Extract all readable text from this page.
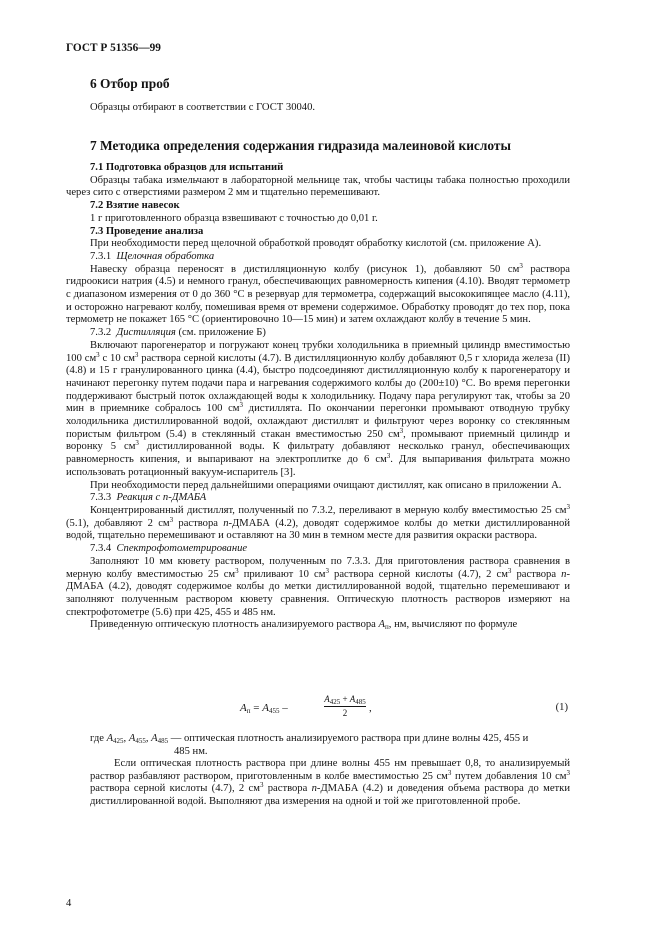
ГОСТ Р 51356—99
6 Отбор проб

Образцы отбирают в соответствии с ГОСТ 30040.

7 Методика определения содержания гидразида малеиновой кислоты
7.1 Подготовка образцов для испытаний

Образцы табака измельчают в лабораторной мельнице так, чтобы частицы табака полностью проходили через сито с отверстиями размером 2 мм и тщательно перемешивают.

7.2 Взятие навесок

1 г приготовленного образца взвешивают с точностью до 0,01 г.

7.3 Проведение анализа

При необходимости перед щелочной обработкой проводят обработку кислотой (см. приложение А).

7.3.1 Щелочная обработка

Навеску образца переносят в дистилляционную колбу (рисунок 1), добавляют 50 $см^3$ раствора гидроокиси натрия (4.5) и немного гранул, обеспечивающих равномерность кипения (4.10). Вводят термометр с диапазоном измерения от 0 до 360 °С в резервуар для термометра, содержащий высококипящее масло (4.11), и осторожно нагревают колбу, помешивая время от времени содержимое. Обработку проводят до тех пор, пока термометр не покажет 165 °С (ориентировочно 10—15 мин) и затем охлаждают колбу в течение 5 мин.

7.3.2 Дистилляция (см. приложение Б)

Включают парогенератор и погружают конец трубки холодильника в приемный цилиндр вместимостью 100 $см^3$ с 10 $см^3$ раствора серной кислоты (4.7). В дистилляционную колбу добавляют 0,5 г хлорида железа (II) (4.8) и 15 г гранулированного цинка (4.4), быстро подсоединяют дистилляционную колбу к парогенератору и начинают перегонку путем подачи пара и нагревания содержимого колбы до (200±10) °С. Во время перегонки поддерживают быстрый поток охлаждающей воды к холодильнику. Подачу пара регулируют так, чтобы за 20 мин в приемнике собралось 100 $см^3$ дистиллята. По окончании перегонки промывают отводную трубку холодильника дистиллированной водой, охлаждают дистиллят и фильтруют через воронку со стеклянным пористым фильтром (5.4) в стеклянный стакан вместимостью 250 $см^3$, промывают приемный цилиндр и воронку 5 $см^3$ дистиллированной воды. К фильтрату добавляют несколько гранул, обеспечивающих равномерность кипения, и выпаривают на электроплитке до 6 $см^3$. Для выпаривания фильтрата можно использовать ротационный вакуум-испаритель [3].

При необходимости перед дальнейшими операциями очищают дистиллят, как описано в приложении А.

7.3.3 Реакция с n-ДМАБА

Концентрированный дистиллят, полученный по 7.3.2, переливают в мерную колбу вместимостью 25 $см^3$ (5.1), добавляют 2 $см^3$ раствора n-ДМАБА (4.2), доводят содержимое колбы до метки дистиллированной водой, тщательно перемешивают и оставляют на 30 мин в темном месте для развития окраски раствора.

7.3.4 Спектрофотометрирование

Заполняют 10 мм кювету раствором, полученным по 7.3.3. Для приготовления раствора сравнения в мерную колбу вместимостью 25 $см^3$ приливают 10 $см^3$ раствора серной кислоты (4.7), 2 $см^3$ раствора n-ДМАБА (4.2), доводят содержимое колбы до метки дистиллированной водой, тщательно перемешивают и заполняют полученным раствором кювету сравнения. Оптическую плотность растворов измеряют на спектрофотометре (5.6) при 425, 455 и 485 нм.

Приведенную оптическую плотность анализируемого раствора $A_п$, нм, вычисляют по формуле

$A_п = A_{455}$ –	$\frac{A_{425} + A_{485}}{2}$ ,	(1)

где $A_{425}$, $A_{455}$, $A_{485}$ — оптическая плотность анализируемого раствора при длине волны 425, 455 и

485 нм.

Если оптическая плотность раствора при длине волны 455 нм превышает 0,8, то анализируемый раствор разбавляют раствором, приготовленным в колбе вместимостью 25 $см^3$ путем добавления 10 $см^3$ раствора серной кислоты (4.7), 2 $см^3$ раствора n-ДМАБА (4.2) и доведения объема раствора до метки дистиллированной водой. Выполняют два измерения на одной и той же приготовленной пробе.

4
